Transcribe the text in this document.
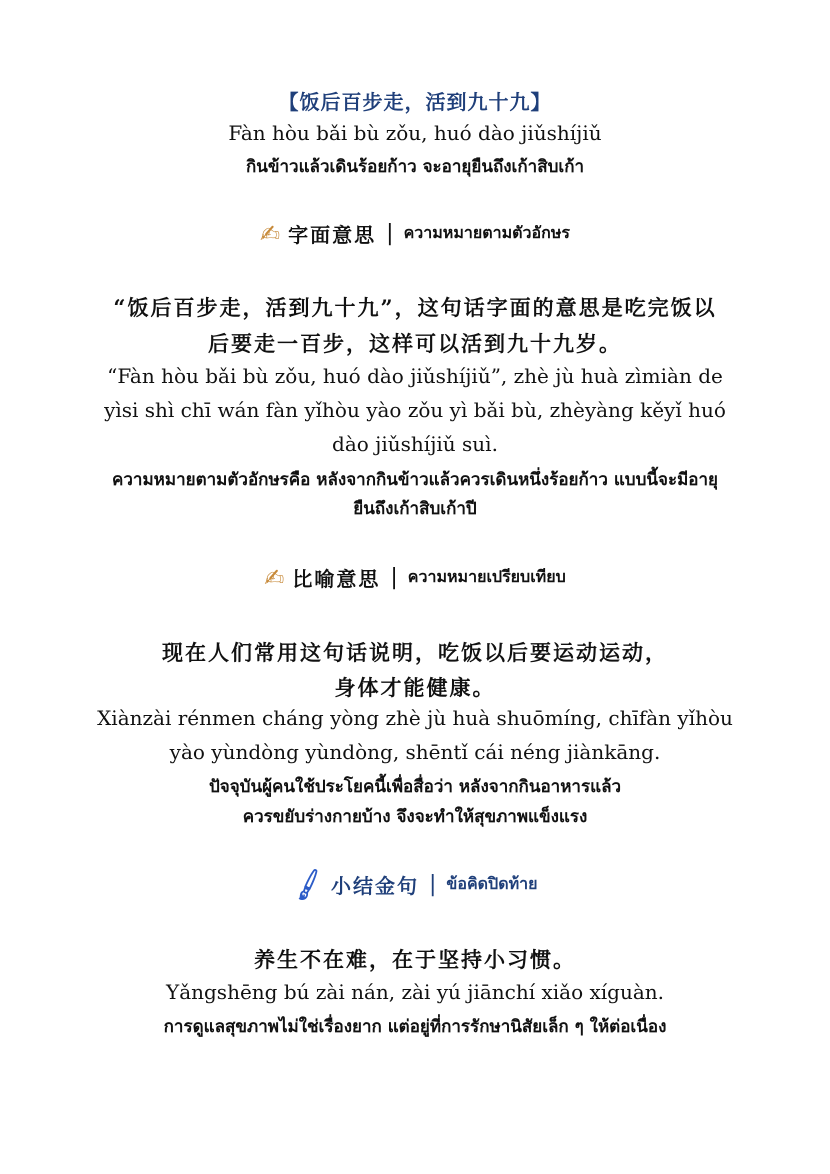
【饭后百步走，活到九十九】
Fàn hòu bǎi bù zǒu, huó dào jiǔshíjiǔ
กินข้าวแล้วเดินร้อยก้าว จะอายุยืนถึงเก้าสิบเก้า
✍ 字面意思 | ความหมายตามตัวอักษร
“饭后百步走，活到九十九”，这句话字面的意思是吃完饭以
后要走一百步，这样可以活到九十九岁。
“Fàn hòu bǎi bù zǒu, huó dào jiǔshíjiǔ”, zhè jù huà zìmiàn de
yìsi shì chī wán fàn yǐhòu yào zǒu yì bǎi bù, zhèyàng kěyǐ huó
dào jiǔshíjiǔ suì.
ความหมายตามตัวอักษรคือ หลังจากกินข้าวแล้วควรเดินหนึ่งร้อยก้าว แบบนี้จะมีอายุ
ยืนถึงเก้าสิบเก้าปี
✍ 比喻意思 | ความหมายเปรียบเทียบ
现在人们常用这句话说明，吃饭以后要运动运动，
身体才能健康。
Xiànzài rénmen cháng yòng zhè jù huà shuōmíng, chīfàn yǐhòu
yào yùndòng yùndòng, shēntǐ cái néng jiànkāng.
ปัจจุบันผู้คนใช้ประโยคนี้เพื่อสื่อว่า หลังจากกินอาหารแล้ว
ควรขยับร่างกายบ้าง จึงจะทำให้สุขภาพแข็งแรง
🖌 小结金句 | ข้อคิดปิดท้าย
养生不在难，在于坚持小习惯。
Yǎngshēng bú zài nán, zài yú jiānchí xiǎo xíguàn.
การดูแลสุขภาพไม่ใช่เรื่องยาก แต่อยู่ที่การรักษานิสัยเล็ก ๆ ให้ต่อเนื่อง
